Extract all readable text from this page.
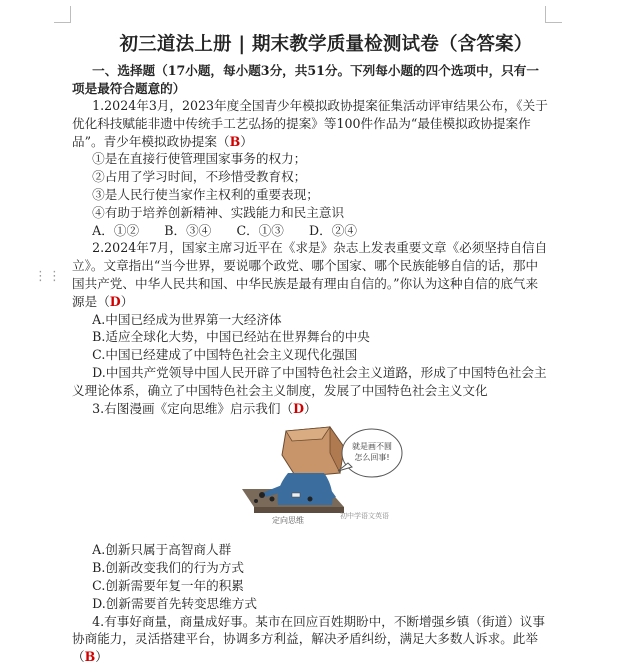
⋮⋮
初三道法上册 | 期末教学质量检测试卷（含答案）

一、选择题（17小题，每小题3分，共51分。下列每小题的四个选项中，只有一项是最符合题意的）

1.2024年3月，2023年度全国青少年模拟政协提案征集活动评审结果公布，《关于优化科技赋能非遗中传统手工艺弘扬的提案》等100件作品为“最佳模拟政协提案作品”。青少年模拟政协提案（B）

①是在直接行使管理国家事务的权力；

②占用了学习时间，不珍惜受教育权；

③是人民行使当家作主权利的重要表现；

④有助于培养创新精神、实践能力和民主意识

A．①②　　B．③④　　C．①③　　D．②④

2.2024年7月，国家主席习近平在《求是》杂志上发表重要文章《必须坚持自信自立》。文章指出“当今世界，要说哪个政党、哪个国家、哪个民族能够自信的话，那中国共产党、中华人民共和国、中华民族是最有理由自信的。”你认为这种自信的底气来源是（D）

A.中国已经成为世界第一大经济体

B.适应全球化大势，中国已经站在世界舞台的中央

C.中国已经建成了中国特色社会主义现代化强国

D.中国共产党领导中国人民开辟了中国特色社会主义道路，形成了中国特色社会主义理论体系，确立了中国特色社会主义制度，发展了中国特色社会主义文化

3.右图漫画《定向思维》启示我们（D）

就是画不圆怎么回事!
定向思维	初中学语文英语

A.创新只属于高智商人群

B.创新改变我们的行为方式

C.创新需要年复一年的积累

D.创新需要首先转变思维方式

4.有事好商量，商量成好事。某市在回应百姓期盼中，不断增强乡镇（街道）议事协商能力，灵活搭建平台，协调多方利益，解决矛盾纠纷，满足大多数人诉求。此举（B）
